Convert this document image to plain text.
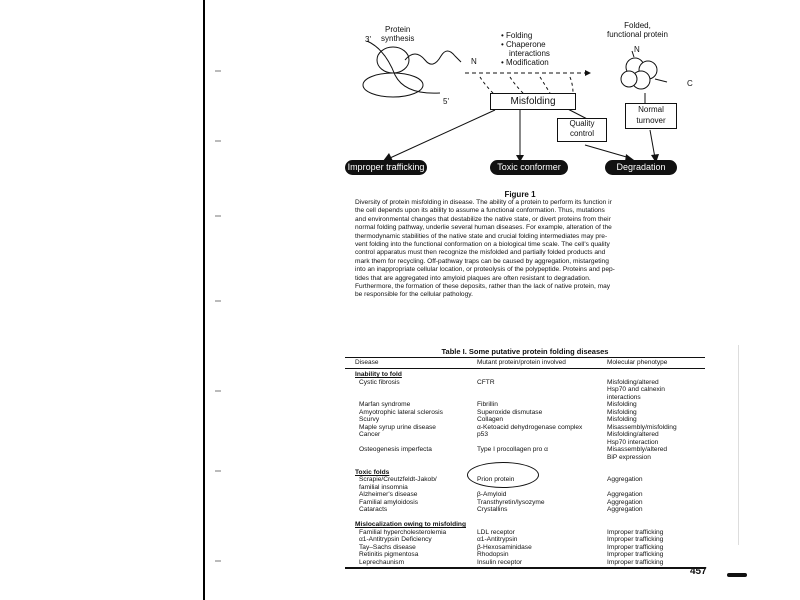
Protein
synthesis
3'
5'
N
• Folding
• Chaperone
interactions
• Modification
Folded,
functional protein
N
C
Misfolding
Quality
control
Normal
turnover
Improper trafficking	Toxic conformer	Degradation
Figure 1
Diversity of protein misfolding in disease. The ability of a protein to perform its function ir
the cell depends upon its ability to assume a functional conformation. Thus, mutations
and environmental changes that destabilize the native state, or divert proteins from their
normal folding pathway, underlie several human diseases. For example, alteration of the
thermodynamic stabilities of the native state and crucial folding intermediates may pre-
vent folding into the functional conformation on a biological time scale. The cell's quality
control apparatus must then recognize the misfolded and partially folded products and
mark them for recycling. Off-pathway traps can be caused by aggregation, mistargeting
into an inappropriate cellular location, or proteolysis of the polypeptide. Proteins and pep-
tides that are aggregated into amyloid plaques are often resistant to degradation.
Furthermore, the formation of these deposits, rather than the lack of native protein, may
be responsible for the cellular pathology.
Table I. Some putative protein folding diseases
Disease	Mutant protein/protein involved	Molecular phenotype
Inability to fold
Cystic fibrosis	CFTR	Misfolding/altered
Hsp70 and calnexin
interactions
Marfan syndrome	Fibrillin	Misfolding
Amyotrophic lateral sclerosis	Superoxide dismutase	Misfolding
Scurvy	Collagen	Misfolding
Maple syrup urine disease	α-Ketoacid dehydrogenase complex	Misassembly/misfolding
Cancer	p53	Misfolding/altered
Hsp70 interaction
Osteogenesis imperfecta	Type I procollagen pro α	Misassembly/altered
BiP expression
Toxic folds
Scrapie/Creutzfeldt-Jakob/	Prion protein	Aggregation
familial insomnia
Alzheimer's disease	β-Amyloid	Aggregation
Familial amyloidosis	Transthyretin/lysozyme	Aggregation
Cataracts	Crystallins	Aggregation
Mislocalization owing to misfolding
Familial hypercholesterolemia	LDL receptor	Improper trafficking
α1-Antitrypsin Deficiency	α1-Antitrypsin	Improper trafficking
Tay–Sachs disease	β-Hexosaminidase	Improper trafficking
Retinitis pigmentosa	Rhodopsin	Improper trafficking
Leprechaunism	Insulin receptor	Improper trafficking
457
